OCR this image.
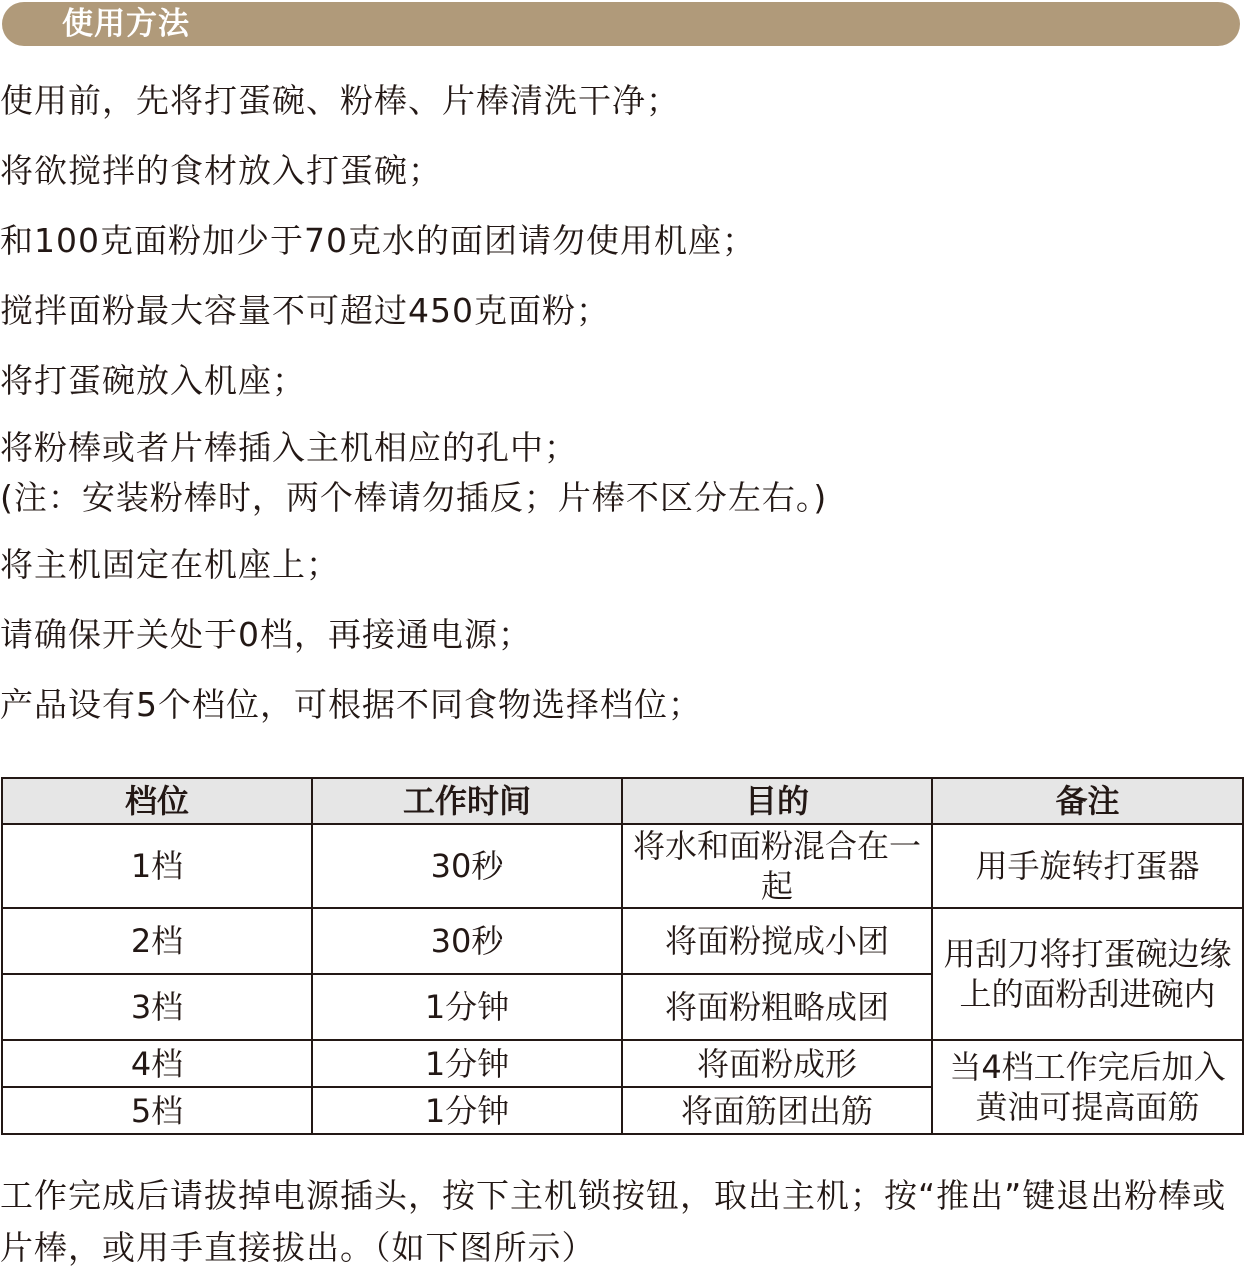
使用方法
使用前，先将打蛋碗、粉棒、片棒清洗干净；
将欲搅拌的食材放入打蛋碗；
和100克面粉加少于70克水的面团请勿使用机座；
搅拌面粉最大容量不可超过450克面粉；
将打蛋碗放入机座；
将粉棒或者片棒插入主机相应的孔中；
(注：安装粉棒时，两个棒请勿插反；片棒不区分左右。)
将主机固定在机座上；
请确保开关处于0档，再接通电源；
产品设有5个档位，可根据不同食物选择档位；
档位	工作时间	目的	备注
1档	30秒	将水和面粉混合在一起	用手旋转打蛋器
2档	30秒	将面粉搅成小团	用刮刀将打蛋碗边缘上的面粉刮进碗内
3档	1分钟	将面粉粗略成团	
4档	1分钟	将面粉成形	当4档工作完后加入黄油可提高面筋
5档	1分钟	将面筋团出筋	
工作完成后请拔掉电源插头，按下主机锁按钮，取出主机；按“推出”键退出粉棒或片棒，或用手直接拔出。（如下图所示）
